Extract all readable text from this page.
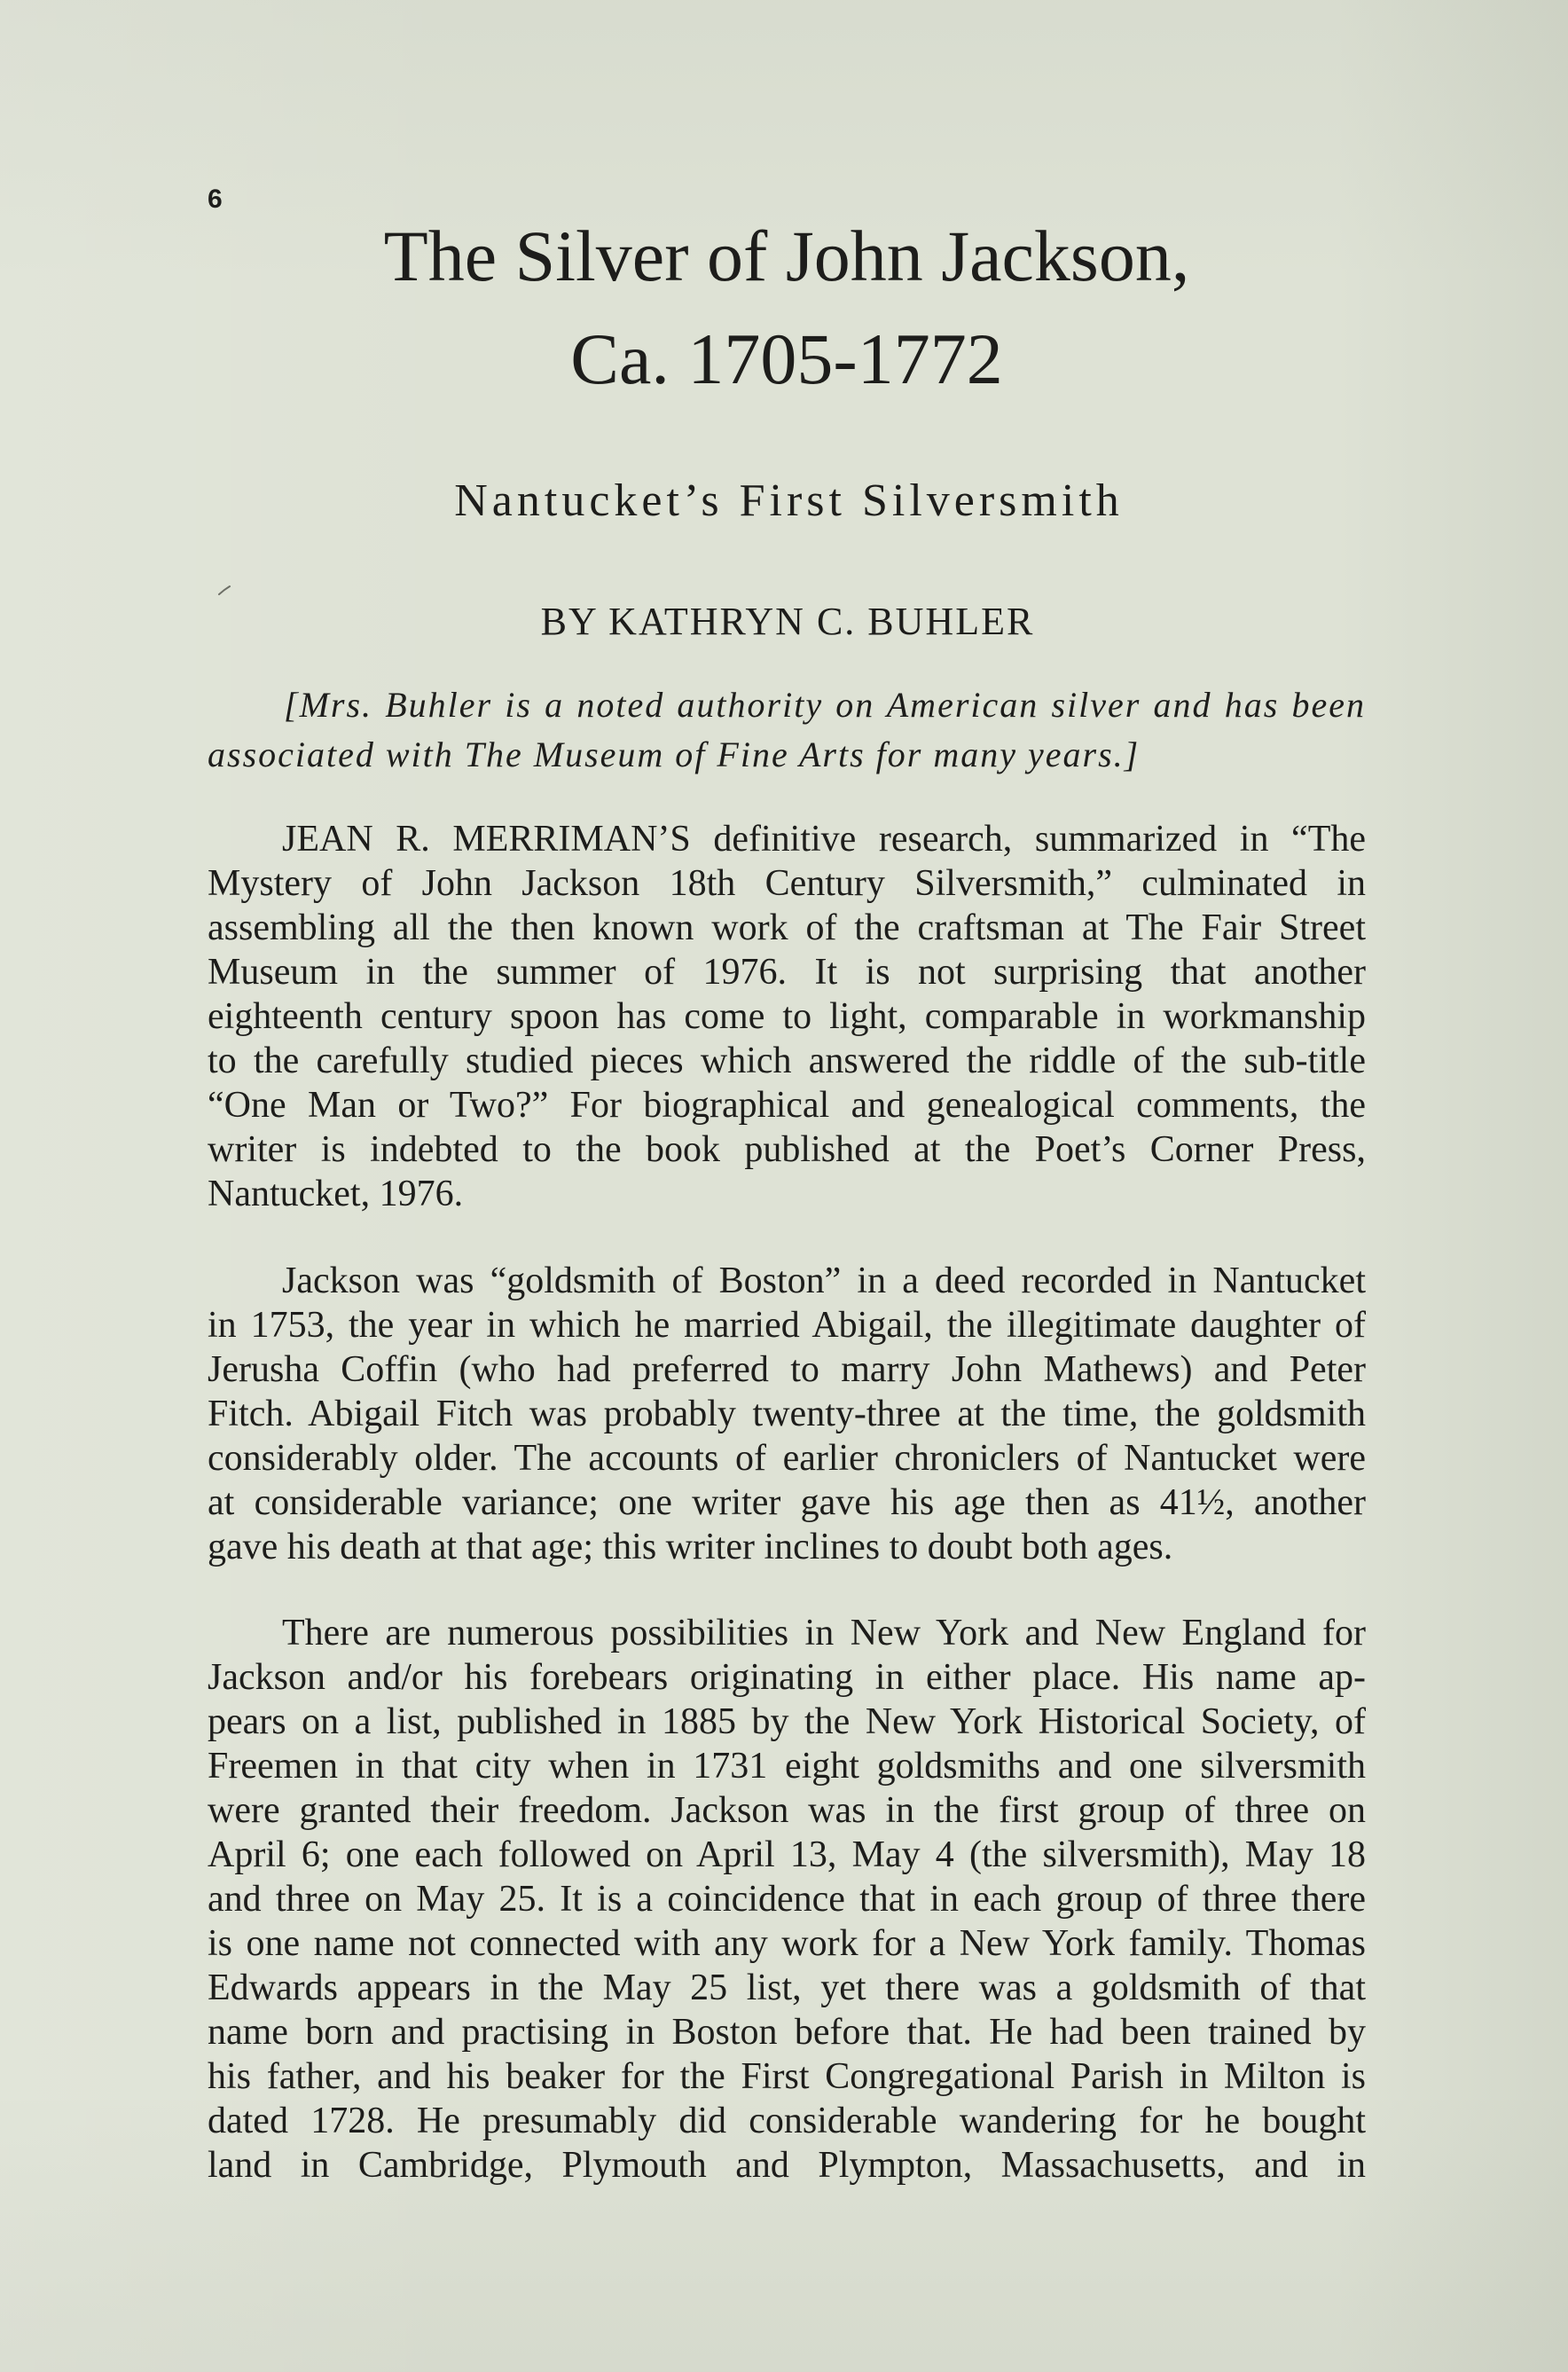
6
The Silver of John Jackson,
Ca. 1705-1772
Nantucket’s First Silversmith
BY KATHRYN C. BUHLER
[Mrs. Buhler is a noted authority on American silver and has been
associated with The Museum of Fine Arts for many years.]
JEAN R. MERRIMAN’S definitive research, summarized in “The
Mystery of John Jackson 18th Century Silversmith,” culminated in
assembling all the then known work of the craftsman at The Fair Street
Museum in the summer of 1976. It is not surprising that another
eighteenth century spoon has come to light, comparable in workmanship
to the carefully studied pieces which answered the riddle of the sub-title
“One Man or Two?” For biographical and genealogical comments, the
writer is indebted to the book published at the Poet’s Corner Press,
Nantucket, 1976.
Jackson was “goldsmith of Boston” in a deed recorded in Nantucket
in 1753, the year in which he married Abigail, the illegitimate daughter of
Jerusha Coffin (who had preferred to marry John Mathews) and Peter
Fitch. Abigail Fitch was probably twenty-three at the time, the goldsmith
considerably older. The accounts of earlier chroniclers of Nantucket were
at considerable variance; one writer gave his age then as 41½, another
gave his death at that age; this writer inclines to doubt both ages.
There are numerous possibilities in New York and New England for
Jackson and/or his forebears originating in either place. His name ap-
pears on a list, published in 1885 by the New York Historical Society, of
Freemen in that city when in 1731 eight goldsmiths and one silversmith
were granted their freedom. Jackson was in the first group of three on
April 6; one each followed on April 13, May 4 (the silversmith), May 18
and three on May 25. It is a coincidence that in each group of three there
is one name not connected with any work for a New York family. Thomas
Edwards appears in the May 25 list, yet there was a goldsmith of that
name born and practising in Boston before that. He had been trained by
his father, and his beaker for the First Congregational Parish in Milton is
dated 1728. He presumably did considerable wandering for he bought
land in Cambridge, Plymouth and Plympton, Massachusetts, and in
